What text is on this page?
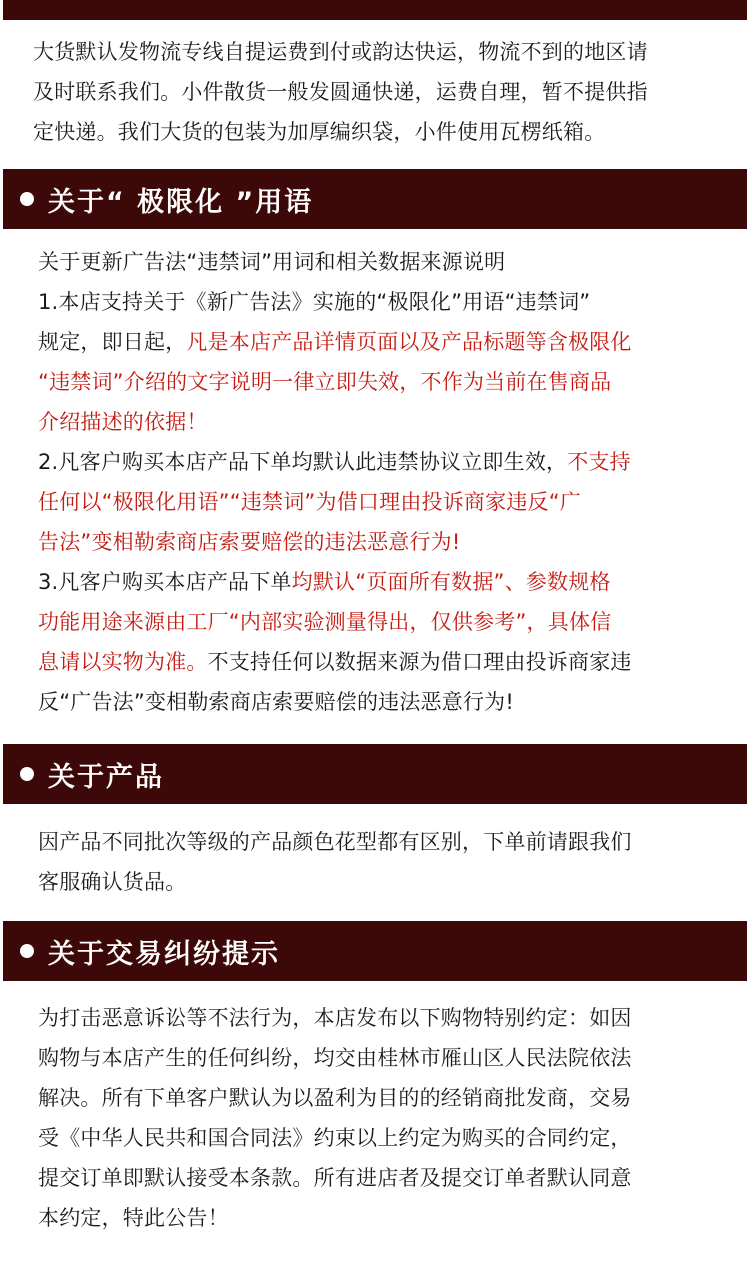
大货默认发物流专线自提运费到付或韵达快运，物流不到的地区请
及时联系我们。小件散货一般发圆通快递，运费自理，暂不提供指
定快递。我们大货的包装为加厚编织袋，小件使用瓦楞纸箱。
关于“ 极限化 ”用语
关于更新广告法“违禁词”用词和相关数据来源说明
1.本店支持关于《新广告法》实施的“极限化”用语“违禁词”
规定，即日起，凡是本店产品详情页面以及产品标题等含极限化
“违禁词”介绍的文字说明一律立即失效，不作为当前在售商品
介绍描述的依据！
2.凡客户购买本店产品下单均默认此违禁协议立即生效，不支持
任何以“极限化用语”“违禁词”为借口理由投诉商家违反“广
告法”变相勒索商店索要赔偿的违法恶意行为!
3.凡客户购买本店产品下单均默认“页面所有数据”、参数规格
功能用途来源由工厂“内部实验测量得出，仅供参考”，具体信
息请以实物为准。不支持任何以数据来源为借口理由投诉商家违
反“广告法”变相勒索商店索要赔偿的违法恶意行为!
关于产品
因产品不同批次等级的产品颜色花型都有区别，下单前请跟我们
客服确认货品。
关于交易纠纷提示
为打击恶意诉讼等不法行为，本店发布以下购物特别约定：如因
购物与本店产生的任何纠纷，均交由桂林市雁山区人民法院依法
解决。所有下单客户默认为以盈利为目的的经销商批发商，交易
受《中华人民共和国合同法》约束以上约定为购买的合同约定，
提交订单即默认接受本条款。所有进店者及提交订单者默认同意
本约定，特此公告！
